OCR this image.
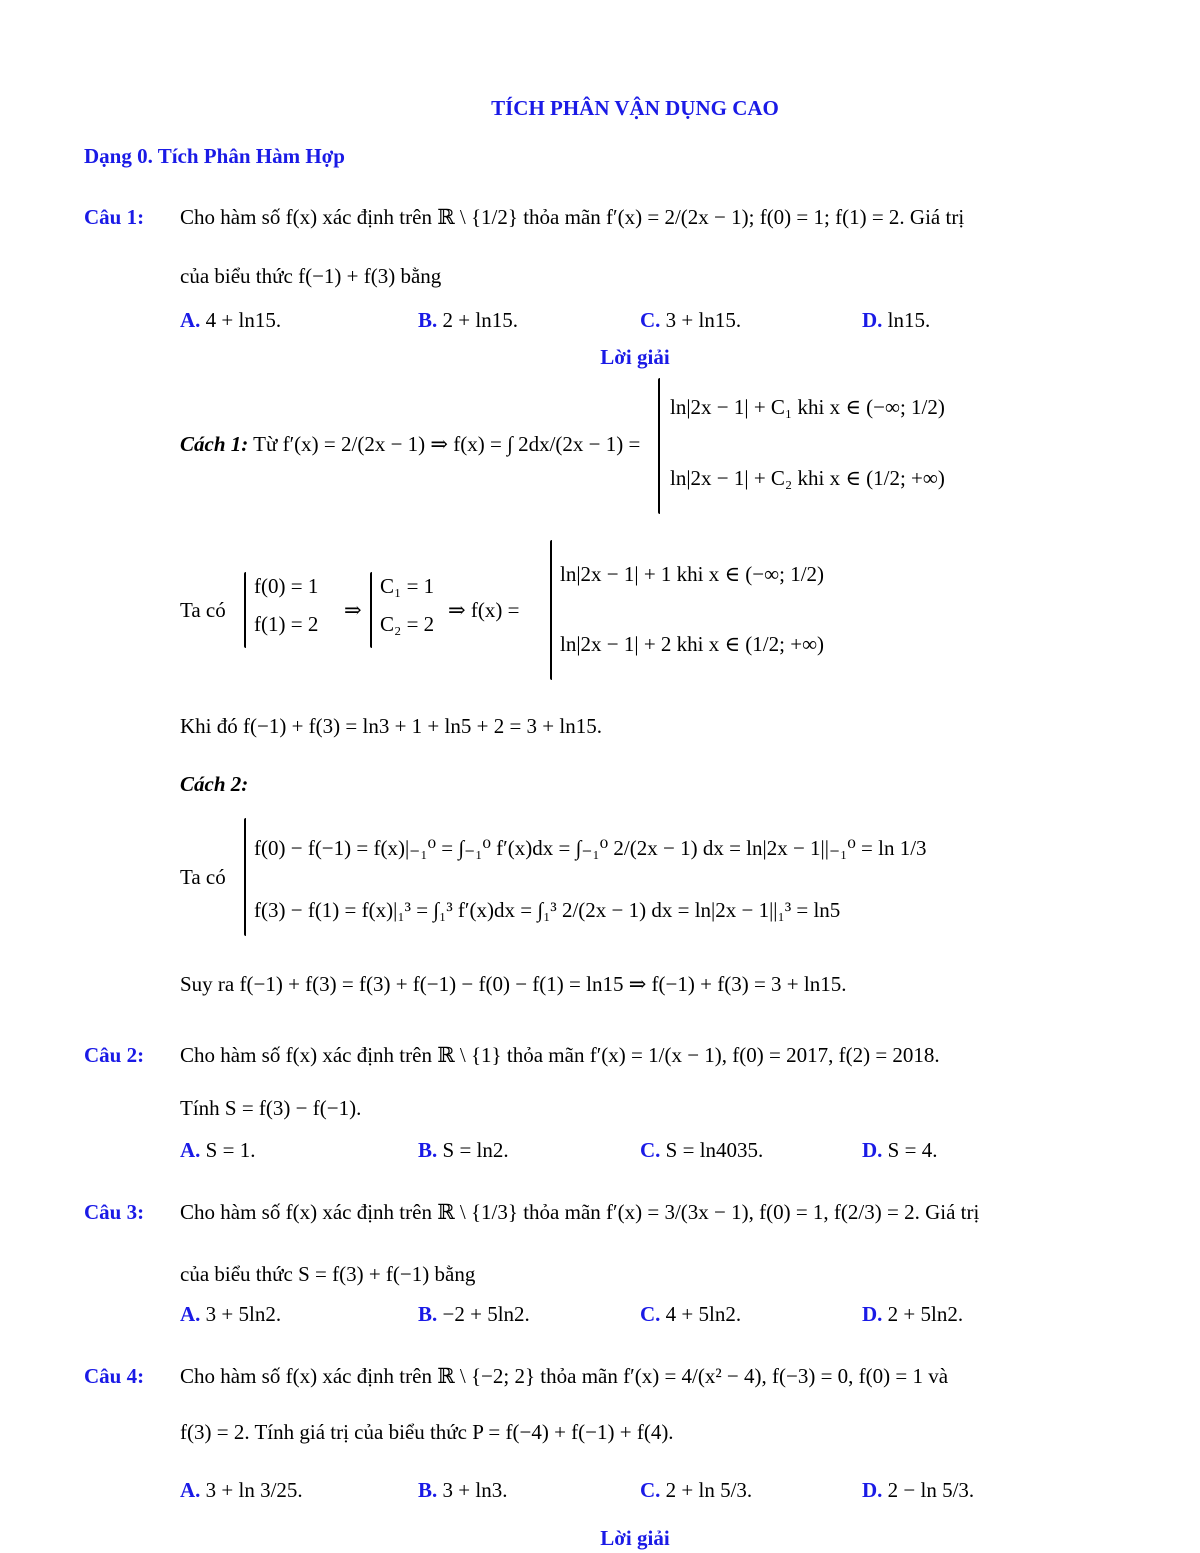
TÍCH PHÂN VẬN DỤNG CAO
Dạng 0. Tích Phân Hàm Hợp
Câu 1: Cho hàm số f(x) xác định trên ℝ \ {1/2} thỏa mãn f′(x) = 2/(2x − 1); f(0) = 1; f(1) = 2. Giá trị
của biểu thức f(−1) + f(3) bằng
A. 4 + ln15.	B. 2 + ln15.	C. 3 + ln15.	D. ln15.
Lời giải
Cách 1: Từ f′(x) = 2/(2x − 1) ⇒ f(x) = ∫ 2dx/(2x − 1) =
ln|2x − 1| + C₁ khi x ∈ (−∞; 1/2)
ln|2x − 1| + C₂ khi x ∈ (1/2; +∞)
Ta có
f(0) = 1
f(1) = 2
⇒
C₁ = 1
C₂ = 2
⇒ f(x) =
ln|2x − 1| + 1 khi x ∈ (−∞; 1/2)
ln|2x − 1| + 2 khi x ∈ (1/2; +∞)
Khi đó f(−1) + f(3) = ln3 + 1 + ln5 + 2 = 3 + ln15.
Cách 2:
Ta có
f(0) − f(−1) = f(x)|₋₁⁰ = ∫₋₁⁰ f′(x)dx = ∫₋₁⁰ 2/(2x − 1) dx = ln|2x − 1||₋₁⁰ = ln 1/3
f(3) − f(1) = f(x)|₁³ = ∫₁³ f′(x)dx = ∫₁³ 2/(2x − 1) dx = ln|2x − 1||₁³ = ln5
Suy ra f(−1) + f(3) = f(3) + f(−1) − f(0) − f(1) = ln15 ⇒ f(−1) + f(3) = 3 + ln15.
Câu 2: Cho hàm số f(x) xác định trên ℝ \ {1} thỏa mãn f′(x) = 1/(x − 1), f(0) = 2017, f(2) = 2018.
Tính S = f(3) − f(−1).
A. S = 1.	B. S = ln2.	C. S = ln4035.	D. S = 4.
Câu 3: Cho hàm số f(x) xác định trên ℝ \ {1/3} thỏa mãn f′(x) = 3/(3x − 1), f(0) = 1, f(2/3) = 2. Giá trị
của biểu thức S = f(3) + f(−1) bằng
A. 3 + 5ln2.	B. −2 + 5ln2.	C. 4 + 5ln2.	D. 2 + 5ln2.
Câu 4: Cho hàm số f(x) xác định trên ℝ \ {−2; 2} thỏa mãn f′(x) = 4/(x² − 4), f(−3) = 0, f(0) = 1 và
f(3) = 2. Tính giá trị của biểu thức P = f(−4) + f(−1) + f(4).
A. 3 + ln 3/25.	B. 3 + ln3.	C. 2 + ln 5/3.	D. 2 − ln 5/3.
Lời giải
